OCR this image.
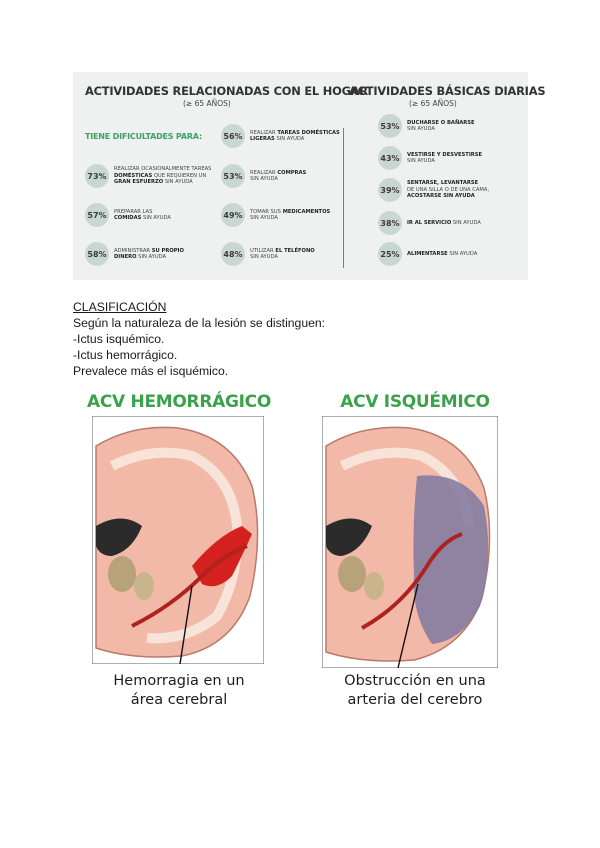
ACTIVIDADES RELACIONADAS CON EL HOGAR
(≥ 65 AÑOS)
ACTIVIDADES BÁSICAS DIARIAS
(≥ 65 AÑOS)
TIENE DIFICULTADES PARA:
73%
REALIZAR OCASIONALMENTE TAREAS
DOMÉSTICAS QUE REQUIEREN UN
GRAN ESFUERZO SIN AYUDA
57%	PREPARAR LAS
COMIDAS SIN AYUDA
58%	ADMINISTRAR SU PROPIO
DINERO SIN AYUDA
56%	REALIZAR TAREAS DOMÉSTICAS
LIGERAS SIN AYUDA
53%	REALIZAR COMPRAS
SIN AYUDA
49%	TOMAR SUS MEDICAMENTOS
SIN AYUDA
48%	UTILIZAR EL TELÉFONO
SIN AYUDA
53%	DUCHARSE O BAÑARSE
SIN AYUDA
43%	VESTIRSE Y DESVESTIRSE
SIN AYUDA
39%
SENTARSE, LEVANTARSE
DE UNA SILLA O DE UNA CAMA,
ACOSTARSE SIN AYUDA
38%	IR AL SERVICIO SIN AYUDA
25%	ALIMENTARSE SIN AYUDA
CLASIFICACIÓN
Según la naturaleza de la lesión se distinguen:
-Ictus isquémico.
-Ictus hemorrágico.
Prevalece más el isquémico.
ACV HEMORRÁGICO
Hemorragia en un
área cerebral
ACV ISQUÉMICO
Obstrucción en una
arteria del cerebro
